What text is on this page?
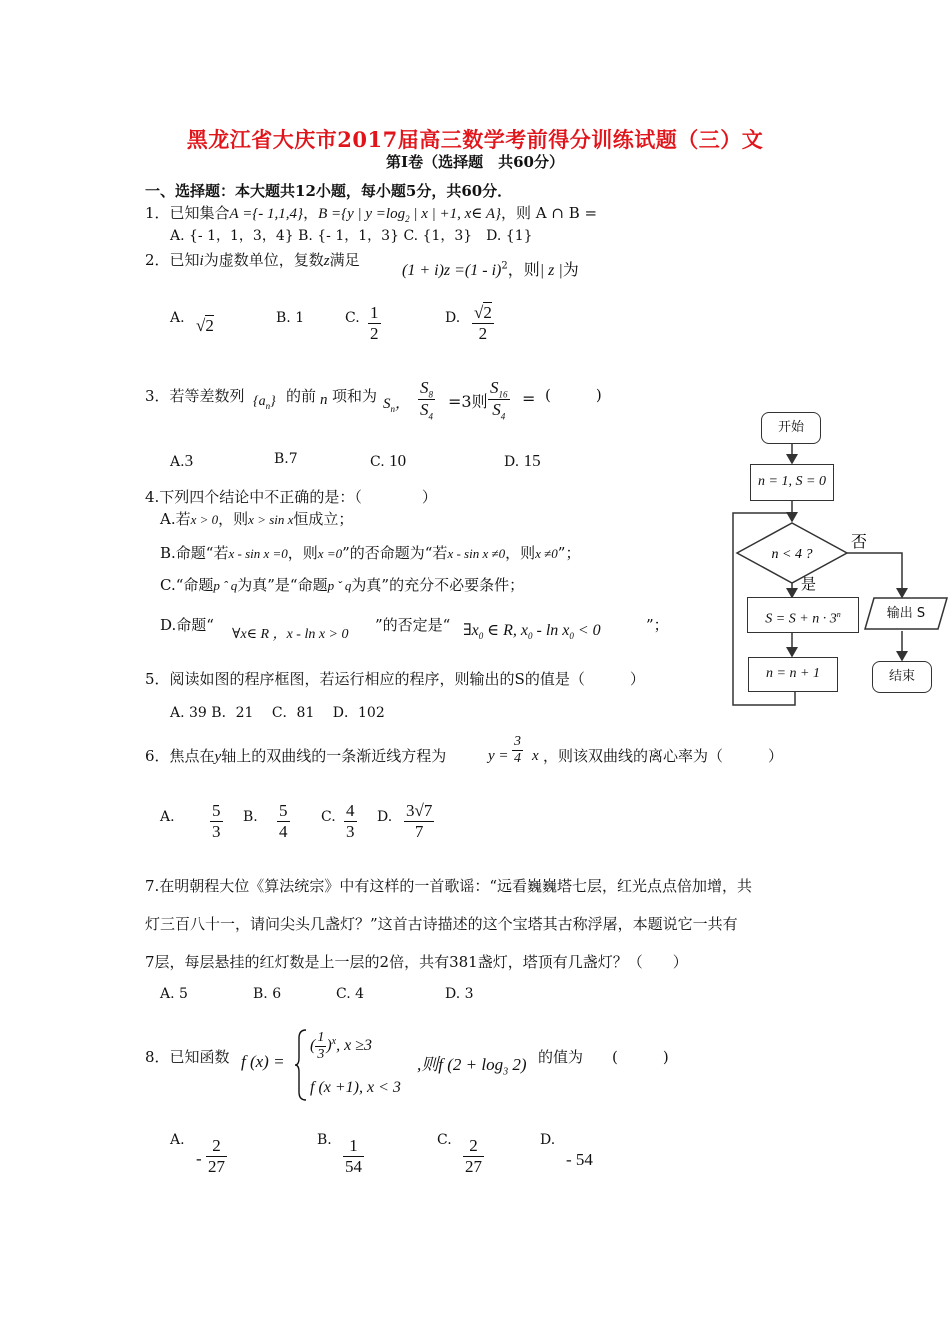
黑龙江省大庆市2017届高三数学考前得分训练试题（三）文
第Ⅰ卷（选择题　共60分）
一、选择题：本大题共12小题，每小题5分，共60分．
1．已知集合A ={- 1,1,4}，B ={y | $y =\log_2$ | x | +1, x∈ A}，则 A ∩ B =
A. {- 1，1，3，4} B. {- 1，1，3} C. {1，3}　D. {1}
2．已知i为虚数单位，复数z满足
(1 + i)z =(1 - i)$^2$，则| z |为
A. √2	B. 1	C. $\frac{1}{2}$	D. $\frac{√2}{2}$
3．若等差数列 $\{a_n\}$ 的前 n 项和为 $S_n$， $\frac{S_8}{S_4} =3$则 $\frac{S_{16}}{S_4}$ = (　　　)
A.3	B.7	C. 10	D. 15
4.下列四个结论中不正确的是：（　　　　）
A.若x > 0，则x > sin x恒成立；
B.命题“若x - sin x =0，则x =0”的否命题为“若x - sin x ≠0，则x ≠0”；
C.“命题p ˆ q为真”是“命题p ˇ q为真”的充分不必要条件；
D.命题“
∀x∈ R ，x - ln x > 0
”的否定是“ $\exists x_0$ ∈ R, $x_0 - \ln x_0 < 0$	”；
5．阅读如图的程序框图，若运行相应的程序，则输出的S的值是（　　　）
A. 39 B．21　 C．81　 D．102
否
是
n < 4 ?
开始
n = 1, S = 0
$S = S + n \cdot 3^n$	输出 S
n = n + 1	结束
6．焦点在y轴上的双曲线的一条渐近线方程为	$y = \frac{3}{4}$ x ，则该双曲线的离心率为（　　　）
A. $\frac{5}{3} B$. $\frac{5}{4} C$. $\frac{4}{3} D$. $\frac{3√7}{7}$
7.在明朝程大位《算法统宗》中有这样的一首歌谣：“远看巍巍塔七层，红光点点倍加增，共
灯三百八十一，请问尖头几盏灯？”这首古诗描述的这个宝塔其古称浮屠，本题说它一共有
7层，每层悬挂的红灯数是上一层的2倍，共有381盏灯，塔顶有几盏灯？（　　）
A. 5	B. 6	C. 4	D. 3
8．已知函数 f (x) =
( $\frac{1}{3} )^x$, x ≥3
f (x +1), x < 3
,则f $(2 + \log_3 2)$ 的值为 (　　　)
A.
- $\frac{2}{27}$	B. $\frac{1}{54}$	C. $\frac{2}{27}$	D.
- 54
